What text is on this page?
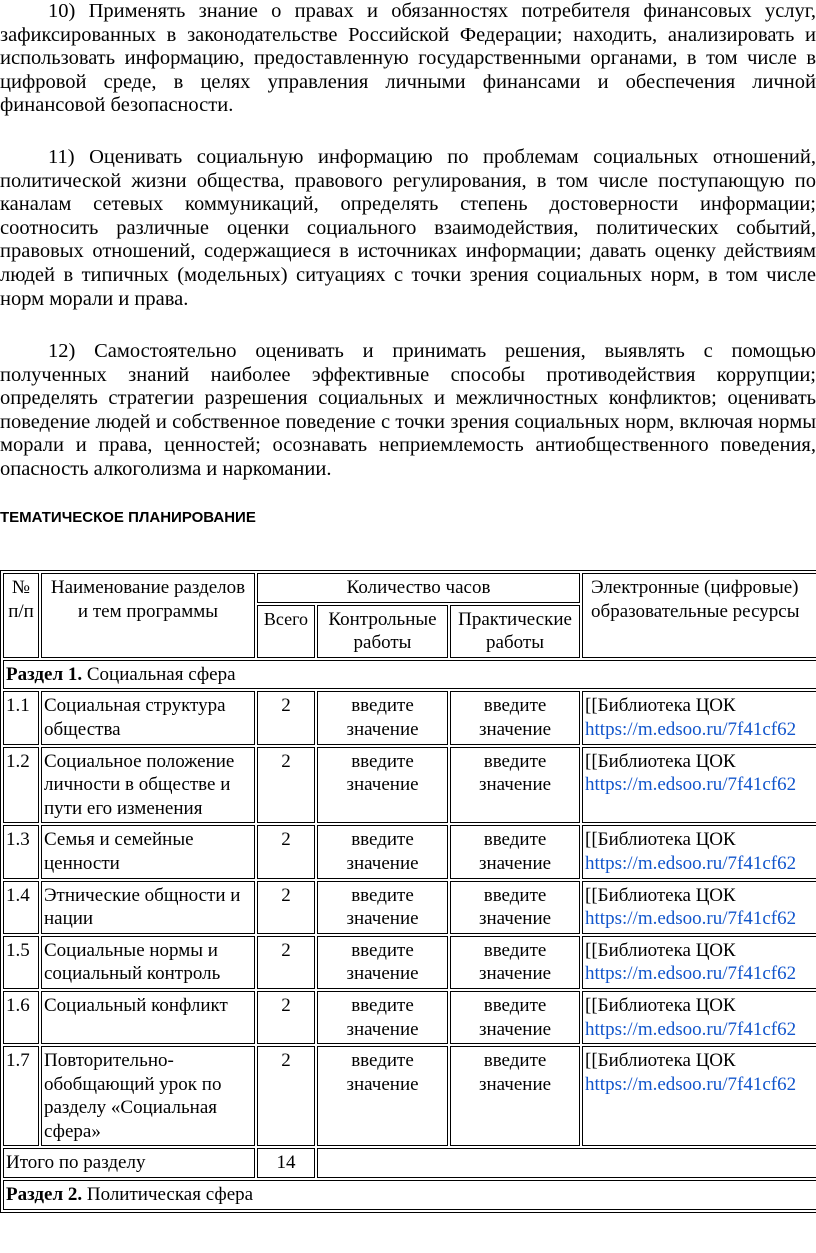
10) Применять знание о правах и обязанностях потребителя финансовых услуг, зафиксированных в законодательстве Российской Федерации; находить, анализировать и использовать информацию, предоставленную государственными органами, в том числе в цифровой среде, в целях управления личными финансами и обеспечения личной финансовой безопасности.

11) Оценивать социальную информацию по проблемам социальных отношений, политической жизни общества, правового регулирования, в том числе поступающую по каналам сетевых коммуникаций, определять степень достоверности информации; соотносить различные оценки социального взаимодействия, политических событий, правовых отношений, содержащиеся в источниках информации; давать оценку действиям людей в типичных (модельных) ситуациях с точки зрения социальных норм, в том числе норм морали и права.

12) Самостоятельно оценивать и принимать решения, выявлять с помощью полученных знаний наиболее эффективные способы противодействия коррупции; определять стратегии разрешения социальных и межличностных конфликтов; оценивать поведение людей и собственное поведение с точки зрения социальных норм, включая нормы морали и права, ценностей; осознавать неприемлемость антиобщественного поведения, опасность алкоголизма и наркомании.

ТЕМАТИЧЕСКОЕ ПЛАНИРОВАНИЕ
№ п/п	Наименование разделов и тем программы	Количество часов			Электронные (цифровые) образовательные ресурсы
		Всего	Контрольные работы	Практические работы	
Раздел 1. Социальная сфера					
1.1	Социальная структура общества	2	введите значение	введите значение	[[Библиотека ЦОК
https://m.edsoo.ru/7f41cf62

1.2	Социальное положение личности в обществе и пути его изменения	2	введите значение	введите значение	[[Библиотека ЦОК
https://m.edsoo.ru/7f41cf62

1.3	Семья и семейные ценности	2	введите значение	введите значение	[[Библиотека ЦОК
https://m.edsoo.ru/7f41cf62

1.4	Этнические общности и нации	2	введите значение	введите значение	[[Библиотека ЦОК
https://m.edsoo.ru/7f41cf62

1.5	Социальные нормы и социальный контроль	2	введите значение	введите значение	[[Библиотека ЦОК
https://m.edsoo.ru/7f41cf62

1.6	Социальный конфликт	2	введите значение	введите значение	[[Библиотека ЦОК
https://m.edsoo.ru/7f41cf62

1.7	Повторительно-обобщающий урок по разделу «Социальная сфера»	2	введите значение	введите значение	[[Библиотека ЦОК
https://m.edsoo.ru/7f41cf62

Итого по разделу		14			
Раздел 2. Политическая сфера					
